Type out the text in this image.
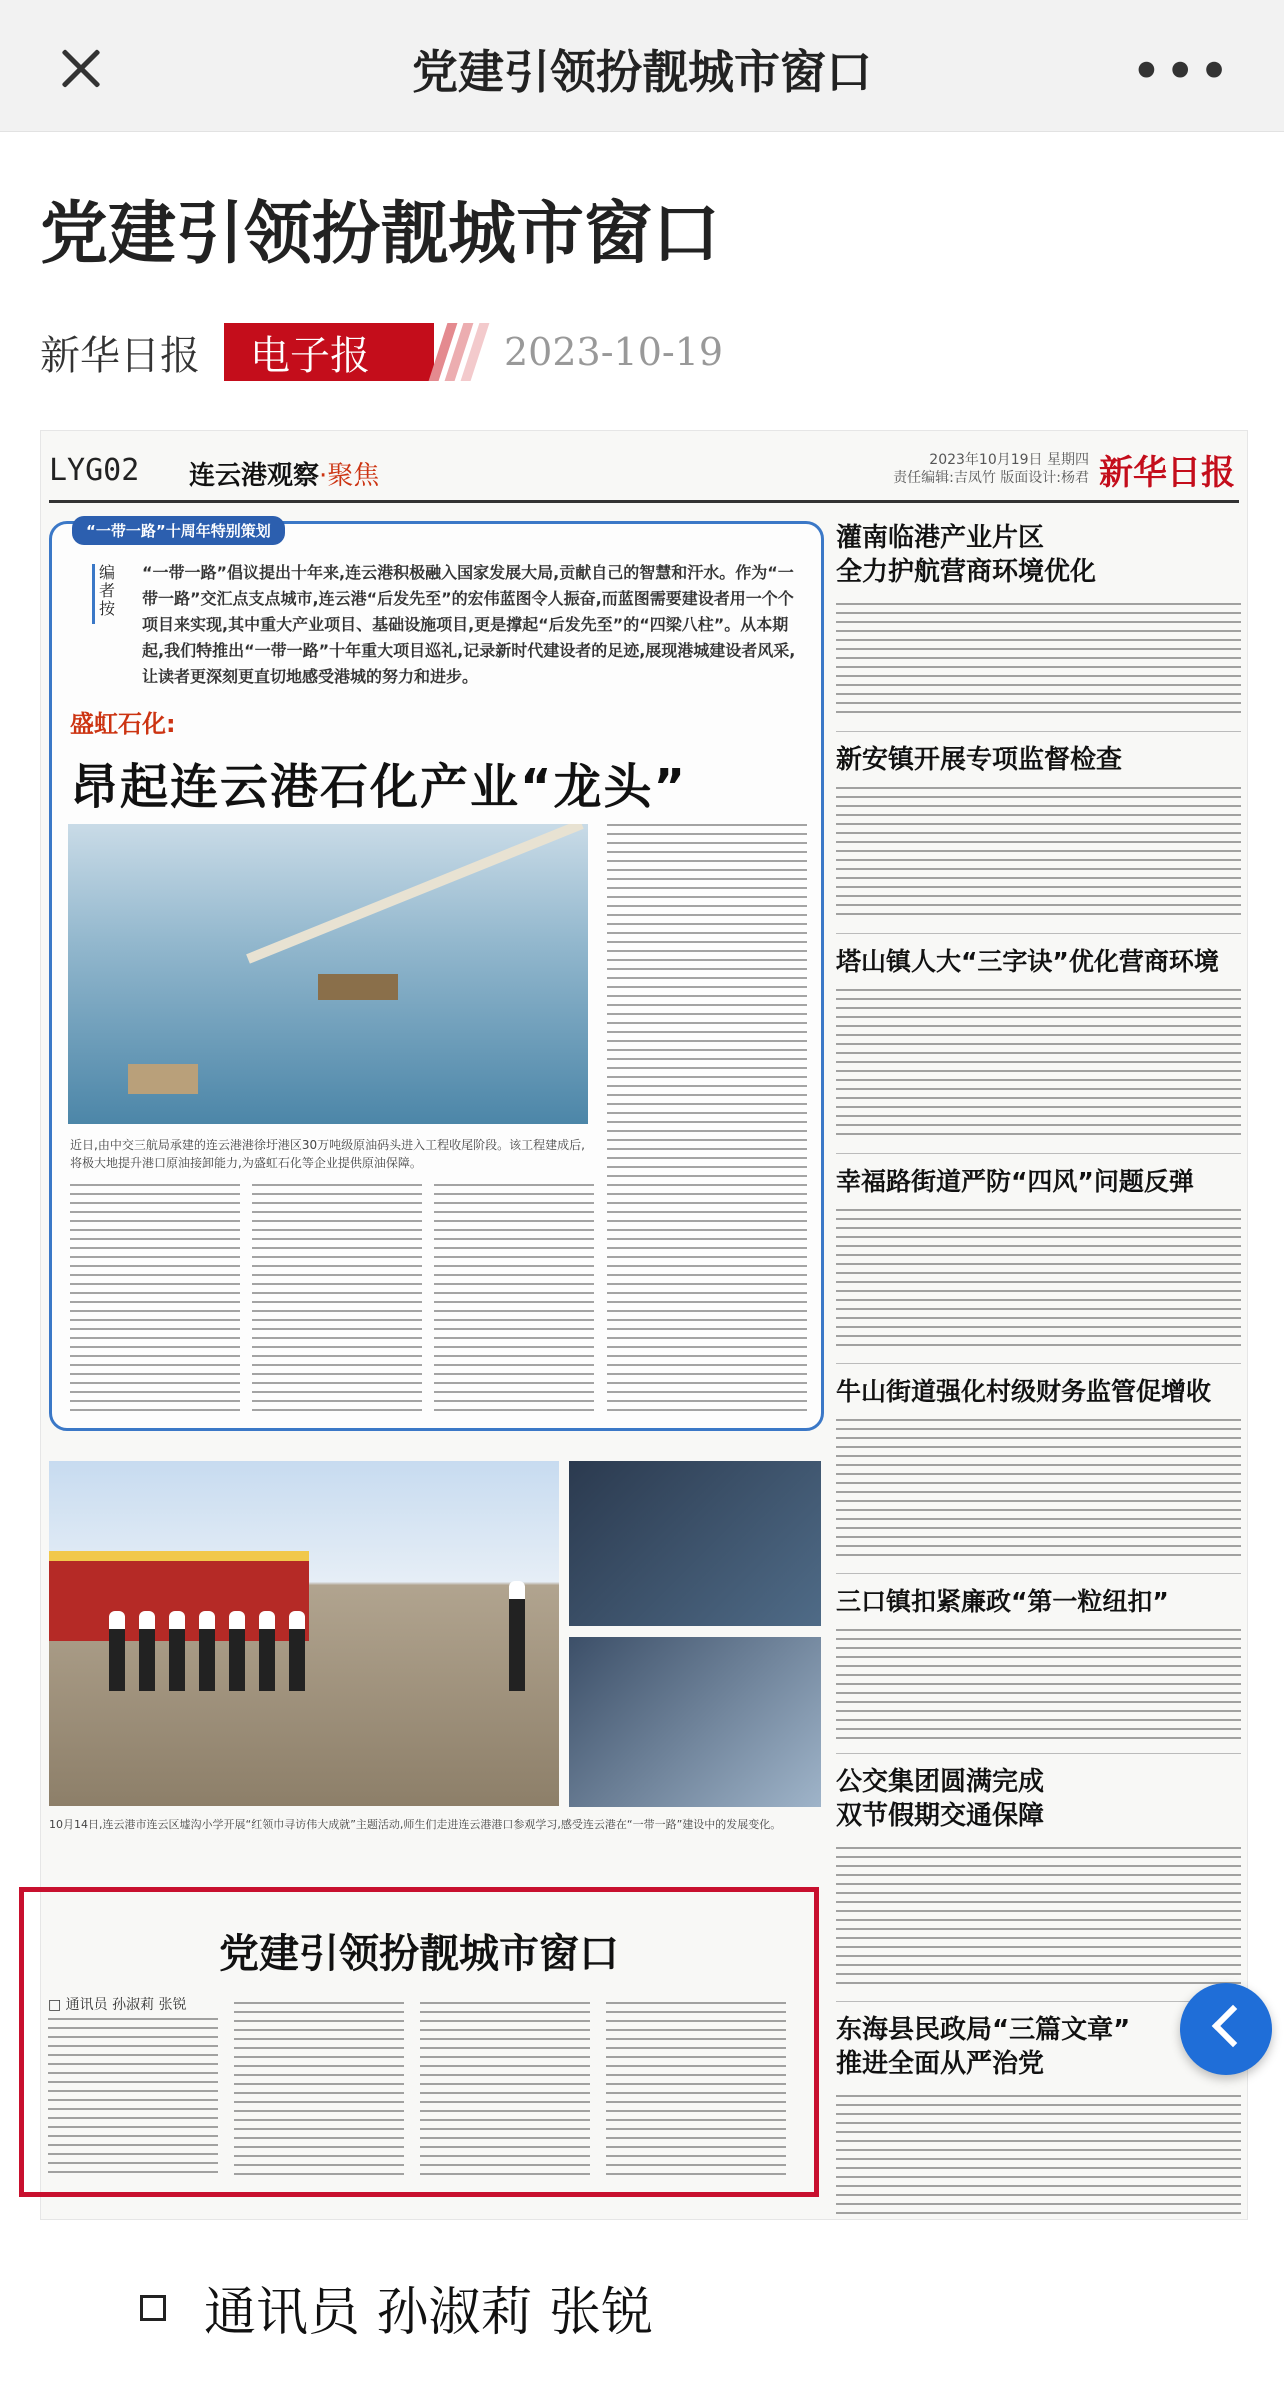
党建引领扮靓城市窗口	•••
党建引领扮靓城市窗口
新华日报	电子报	2023-10-19
LYG02 连云港观察·聚焦
2023年10月19日 星期四
责任编辑:吉凤竹 版面设计:杨君 新华日报
“一带一路”十周年特别策划
编者按
“一带一路”倡议提出十年来,连云港积极融入国家发展大局,贡献自己的智慧和汗水。作为“一带一路”交汇点支点城市,连云港“后发先至”的宏伟蓝图令人振奋,而蓝图需要建设者用一个个项目来实现,其中重大产业项目、基础设施项目,更是撑起“后发先至”的“四梁八柱”。从本期起,我们特推出“一带一路”十年重大项目巡礼,记录新时代建设者的足迹,展现港城建设者风采,让读者更深刻更直切地感受港城的努力和进步。
盛虹石化:
昂起连云港石化产业“龙头”
近日,由中交三航局承建的连云港港徐圩港区30万吨级原油码头进入工程收尾阶段。该工程建成后,将极大地提升港口原油接卸能力,为盛虹石化等企业提供原油保障。
10月14日,连云港市连云区墟沟小学开展“红领巾寻访伟大成就”主题活动,师生们走进连云港港口参观学习,感受连云港在“一带一路”建设中的发展变化。
灌南临港产业片区
全力护航营商环境优化
新安镇开展专项监督检查
塔山镇人大“三字诀”优化营商环境
幸福路街道严防“四风”问题反弹
牛山街道强化村级财务监管促增收
三口镇扣紧廉政“第一粒纽扣”
公交集团圆满完成
双节假期交通保障
东海县民政局“三篇文章”
推进全面从严治党
党建引领扮靓城市窗口
□ 通讯员 孙淑莉 张锐
通讯员 孙淑莉 张锐
